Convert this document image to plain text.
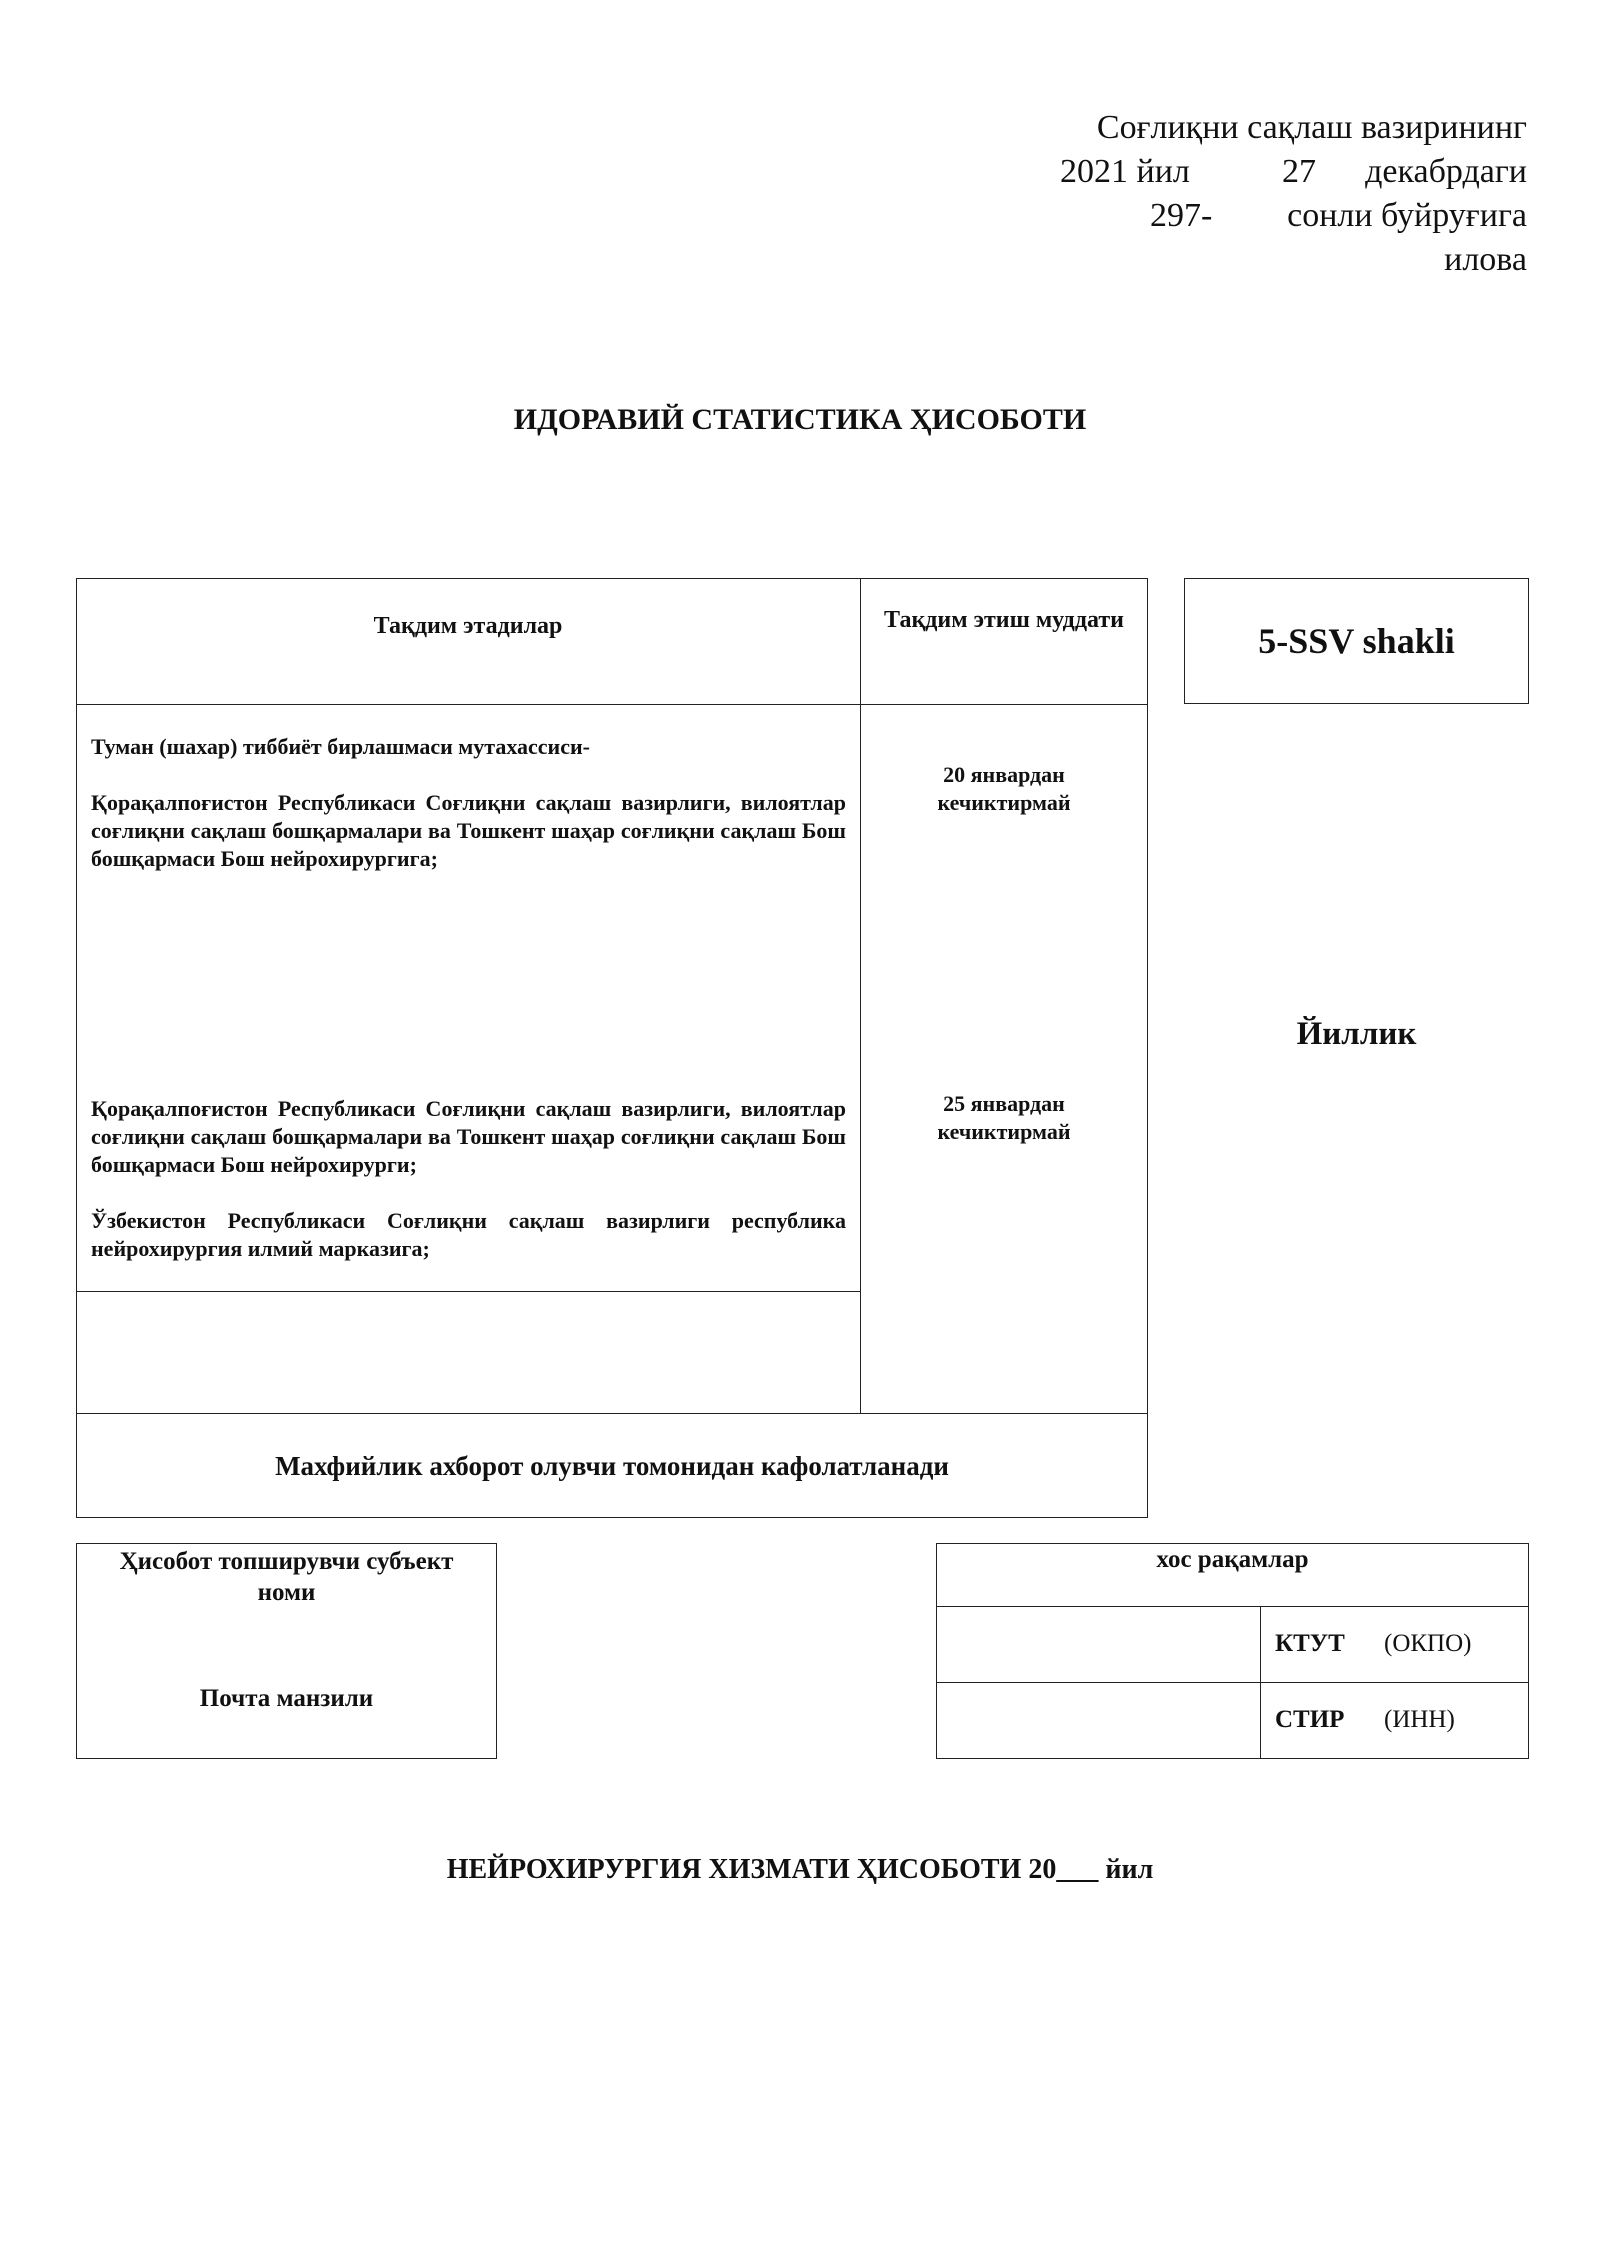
Соғлиқни сақлаш вазирининг
2021 йил	27 декабрдаги
297- сонли буйруғига
илова
ИДОРАВИЙ СТАТИСТИКА ҲИСОБОТИ
Тақдим этадилар	Тақдим этиш муддати
Туман (шахар) тиббиёт бирлашмаси мутахассиси-
Қорақалпоғистон Республикаси Соғлиқни сақлаш вазирлиги, вилоятлар соғлиқни сақлаш бошқармалари ва Тошкент шаҳар соғлиқни сақлаш Бош бошқармаси Бош нейрохирургига;
20 январдан кечиктирмай
Қорақалпоғистон Республикаси Соғлиқни сақлаш вазирлиги, вилоятлар соғлиқни сақлаш бошқармалари ва Тошкент шаҳар соғлиқни сақлаш Бош бошқармаси Бош нейрохирурги;
Ўзбекистон Республикаси Соғлиқни сақлаш вазирлиги республика нейрохирургия илмий марказига;
25 январдан кечиктирмай
Махфийлик ахборот олувчи томонидан кафолатланади
5-SSV shakli
Йиллик
Ҳисобот топширувчи субъект номи
Почта манзили
хос рақамлар
КТУТ (ОКПО)
СТИР (ИНН)
НЕЙРОХИРУРГИЯ ХИЗМАТИ ҲИСОБОТИ 20___ йил
